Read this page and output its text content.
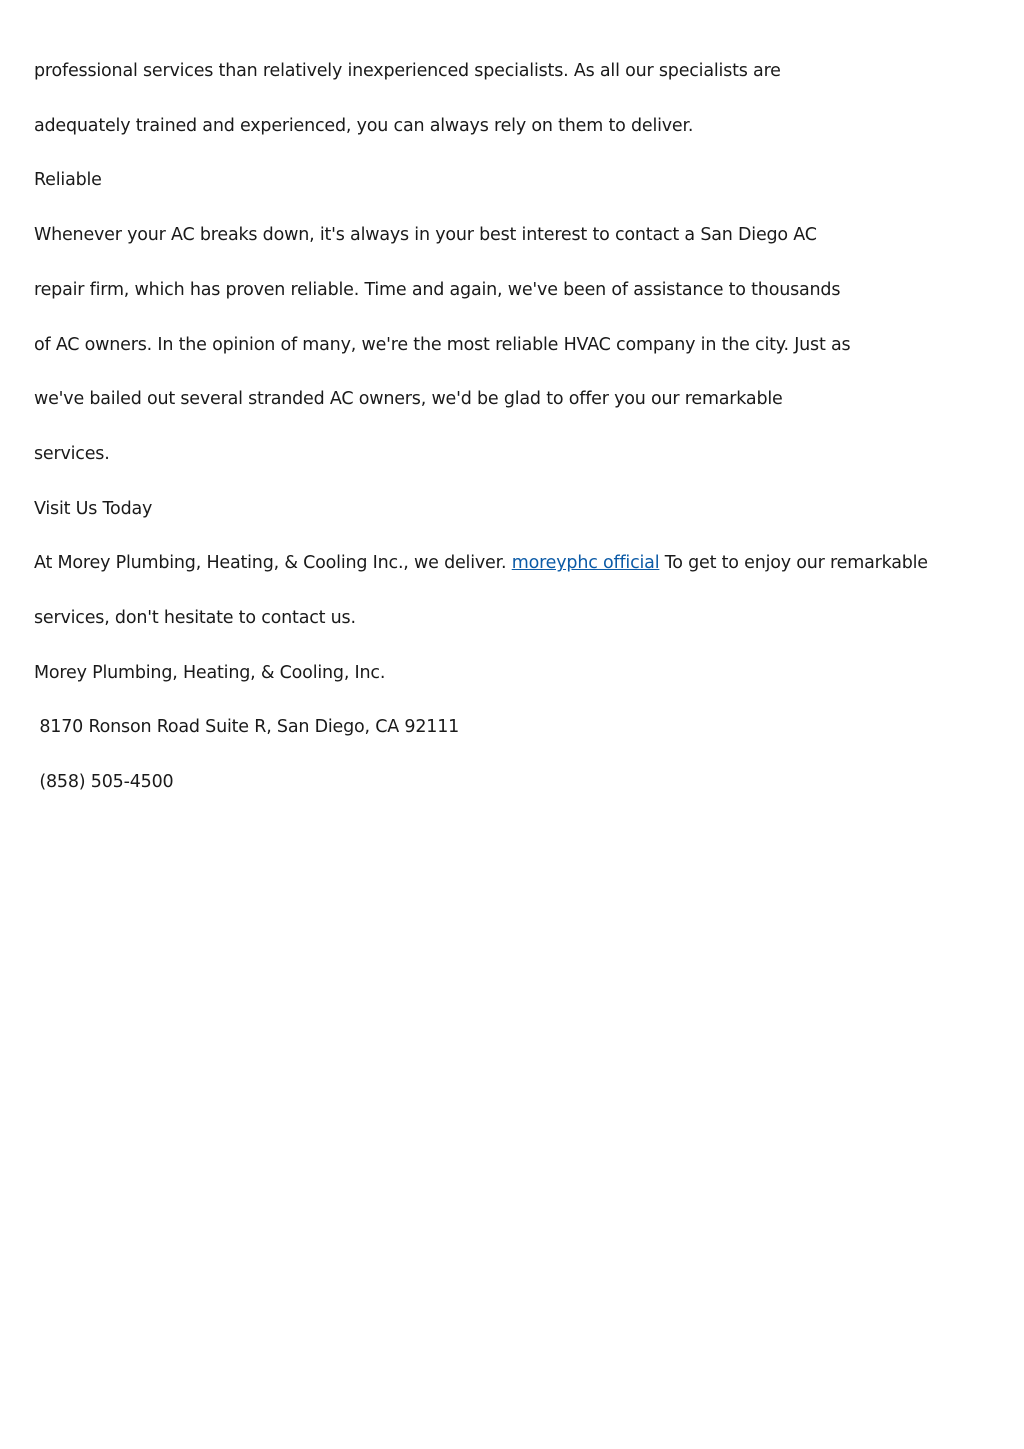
professional services than relatively inexperienced specialists. As all our specialists are

adequately trained and experienced, you can always rely on them to deliver.

Reliable

Whenever your AC breaks down, it's always in your best interest to contact a San Diego AC

repair firm, which has proven reliable. Time and again, we've been of assistance to thousands

of AC owners. In the opinion of many, we're the most reliable HVAC company in the city. Just as

we've bailed out several stranded AC owners, we'd be glad to offer you our remarkable

services.

Visit Us Today

At Morey Plumbing, Heating, & Cooling Inc., we deliver. moreyphc official To get to enjoy our remarkable

services, don't hesitate to contact us.

Morey Plumbing, Heating, & Cooling, Inc.

8170 Ronson Road Suite R, San Diego, CA 92111

(858) 505-4500
